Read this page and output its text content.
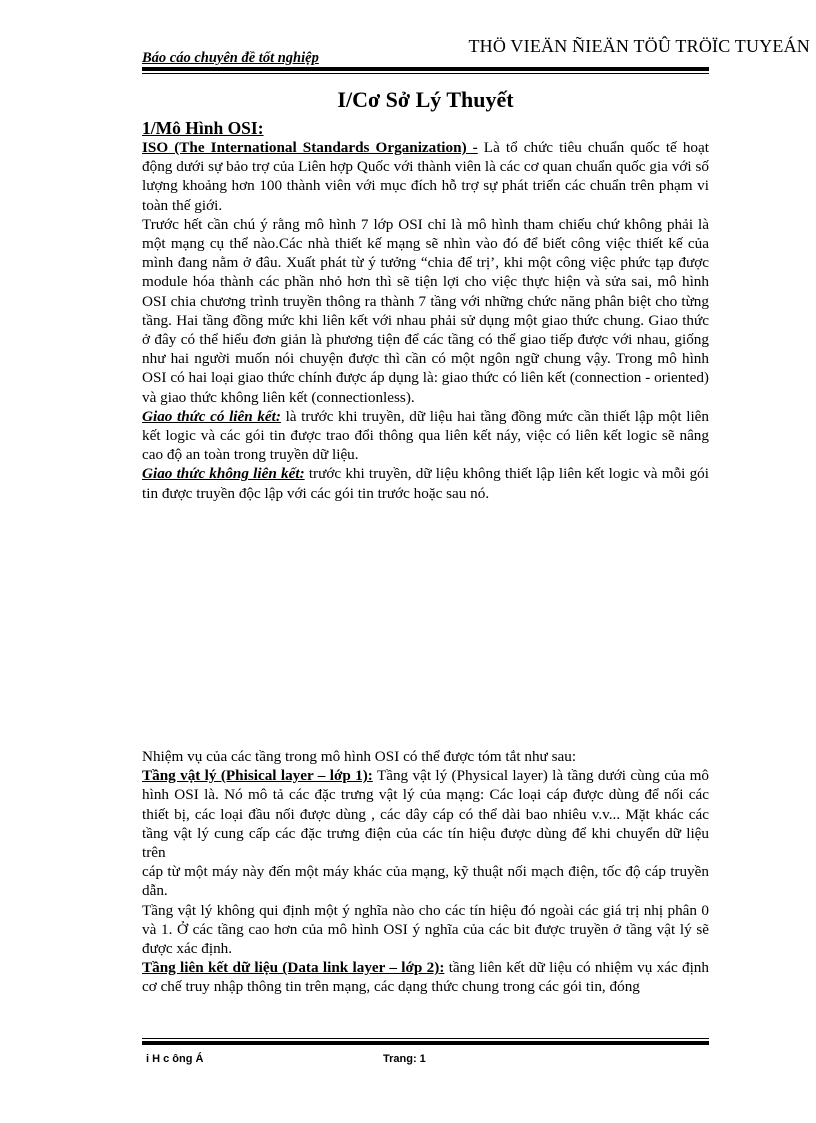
THÖ VIEÄN ÑIEÄN TÖÛ TRÖÏC TUYEÁN
Báo cáo chuyên đề tốt nghiệp
I/Cơ Sở Lý Thuyết

1/Mô Hình OSI:

ISO (The International Standards Organization) - Là tổ chức tiêu chuẩn quốc tế hoạt động dưới sự bảo trợ của Liên hợp Quốc với thành viên là các cơ quan chuẩn quốc gia với số lượng khoảng hơn 100 thành viên với mục đích hỗ trợ sự phát triển các chuẩn trên phạm vi toàn thế giới.

Trước hết cần chú ý rằng mô hình 7 lớp OSI chỉ là mô hình tham chiếu chứ không phải là một mạng cụ thể nào.Các nhà thiết kế mạng sẽ nhìn vào đó để biết công việc thiết kế của mình đang nằm ở đâu. Xuất phát từ ý tưởng “chia để trị’, khi một công việc phức tạp được module hóa thành các phần nhỏ hơn thì sẽ tiện lợi cho việc thực hiện và sửa sai, mô hình OSI chia chương trình truyền thông ra thành 7 tầng với những chức năng phân biệt cho từng tầng. Hai tầng đồng mức khi liên kết với nhau phải sử dụng một giao thức chung. Giao thức ở đây có thể hiểu đơn giản là phương tiện để các tầng có thể giao tiếp được với nhau, giống như hai người muốn nói chuyện được thì cần có một ngôn ngữ chung vậy. Trong mô hình OSI có hai loại giao thức chính được áp dụng là: giao thức có liên kết (connection - oriented) và giao thức không liên kết (connectionless).

Giao thức có liên kết: là trước khi truyền, dữ liệu hai tầng đồng mức cần thiết lập một liên kết logic và các gói tin được trao đổi thông qua liên kết náy, việc có liên kết logic sẽ nâng cao độ an toàn trong truyền dữ liệu.

Giao thức không liên kết: trước khi truyền, dữ liệu không thiết lập liên kết logic và mỗi gói tin được truyền độc lập với các gói tin trước hoặc sau nó.

Nhiệm vụ của các tầng trong mô hình OSI có thể được tóm tắt như sau:

Tầng vật lý (Phisical layer – lớp 1): Tầng vật lý (Physical layer) là tầng dưới cùng của mô hình OSI là. Nó mô tả các đặc trưng vật lý của mạng: Các loại cáp được dùng để nối các thiết bị, các loại đầu nối được dùng , các dây cáp có thể dài bao nhiêu v.v... Mặt khác các tầng vật lý cung cấp các đặc trưng điện của các tín hiệu được dùng để khi chuyển dữ liệu trên

cáp từ một máy này đến một máy khác của mạng, kỹ thuật nối mạch điện, tốc độ cáp truyền dẫn.

Tầng vật lý không qui định một ý nghĩa nào cho các tín hiệu đó ngoài các giá trị nhị phân 0 và 1. Ở các tầng cao hơn của mô hình OSI ý nghĩa của các bit được truyền ở tầng vật lý sẽ được xác định.

Tầng liên kết dữ liệu (Data link layer – lớp 2): tầng liên kết dữ liệu có nhiệm vụ xác định cơ chế truy nhập thông tin trên mạng, các dạng thức chung trong các gói tin, đóng

i H c ông Á	Trang: 1
